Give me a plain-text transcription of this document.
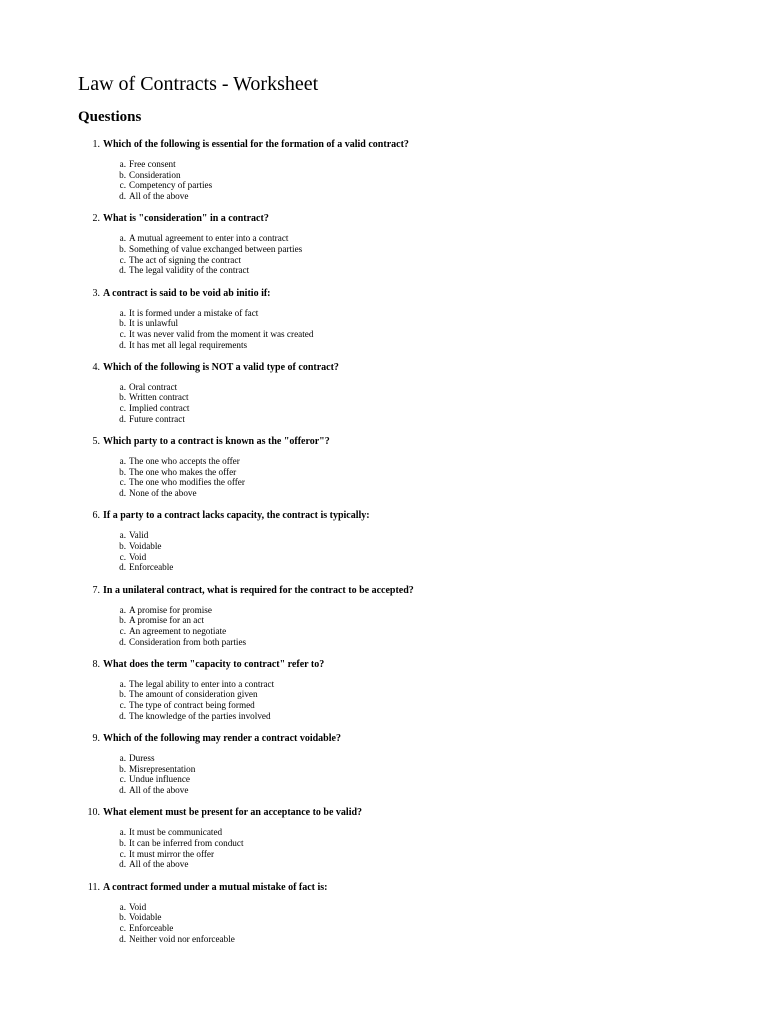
Law of Contracts - Worksheet
Questions
1. Which of the following is essential for the formation of a valid contract?
a. Free consent
b. Consideration
c. Competency of parties
d. All of the above
2. What is "consideration" in a contract?
a. A mutual agreement to enter into a contract
b. Something of value exchanged between parties
c. The act of signing the contract
d. The legal validity of the contract
3. A contract is said to be void ab initio if:
a. It is formed under a mistake of fact
b. It is unlawful
c. It was never valid from the moment it was created
d. It has met all legal requirements
4. Which of the following is NOT a valid type of contract?
a. Oral contract
b. Written contract
c. Implied contract
d. Future contract
5. Which party to a contract is known as the "offeror"?
a. The one who accepts the offer
b. The one who makes the offer
c. The one who modifies the offer
d. None of the above
6. If a party to a contract lacks capacity, the contract is typically:
a. Valid
b. Voidable
c. Void
d. Enforceable
7. In a unilateral contract, what is required for the contract to be accepted?
a. A promise for promise
b. A promise for an act
c. An agreement to negotiate
d. Consideration from both parties
8. What does the term "capacity to contract" refer to?
a. The legal ability to enter into a contract
b. The amount of consideration given
c. The type of contract being formed
d. The knowledge of the parties involved
9. Which of the following may render a contract voidable?
a. Duress
b. Misrepresentation
c. Undue influence
d. All of the above
10. What element must be present for an acceptance to be valid?
a. It must be communicated
b. It can be inferred from conduct
c. It must mirror the offer
d. All of the above
11. A contract formed under a mutual mistake of fact is:
a. Void
b. Voidable
c. Enforceable
d. Neither void nor enforceable
